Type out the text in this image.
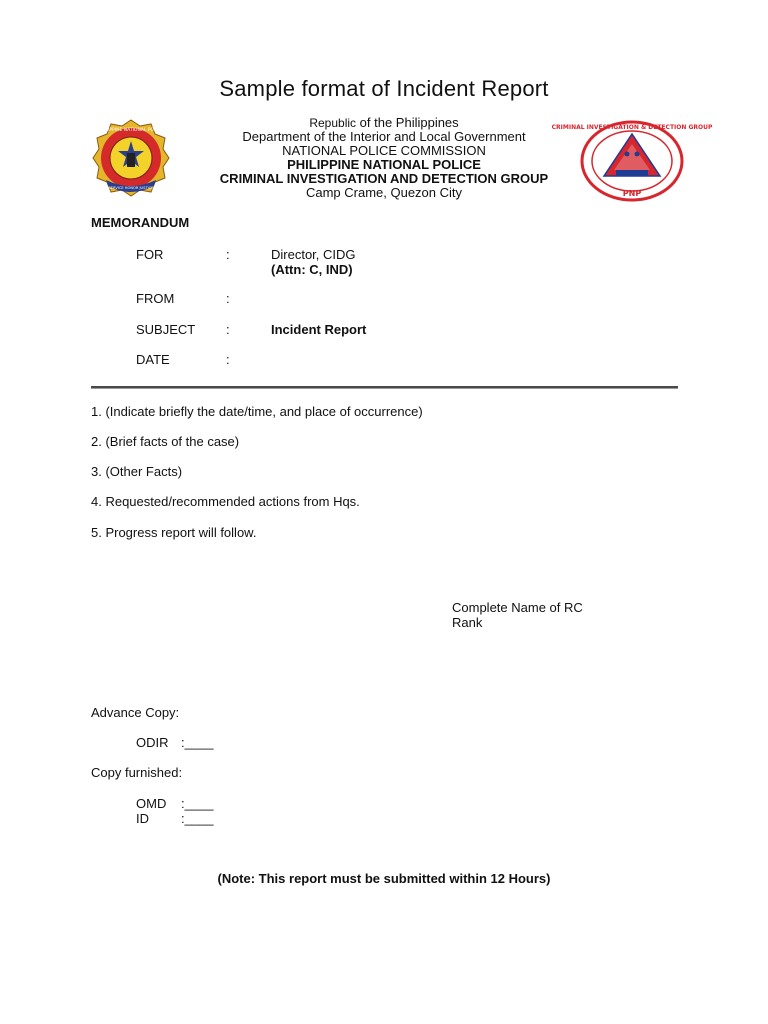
Sample format of Incident Report
PHILIPPINE NATIONAL POLICE
SERVICE HONOR JUSTICE
Republic of the Philippines
Department of the Interior and Local Government
NATIONAL POLICE COMMISSION
PHILIPPINE NATIONAL POLICE
CRIMINAL INVESTIGATION AND DETECTION GROUP
Camp Crame, Quezon City
CRIMINAL INVESTIGATION & DETECTION GROUP
PNP
MEMORANDUM
FOR	:	Director, CIDG
(Attn: C, IND)
FROM	:
SUBJECT :	Incident Report
DATE	:
1. (Indicate briefly the date/time, and place of occurrence)
2. (Brief facts of the case)
3. (Other Facts)
4. Requested/recommended actions from Hqs.
5. Progress report will follow.
Complete Name of RC
Rank
Advance Copy:
ODIR :____
Copy furnished:
OMD :____
ID :____
(Note: This report must be submitted within 12 Hours)
